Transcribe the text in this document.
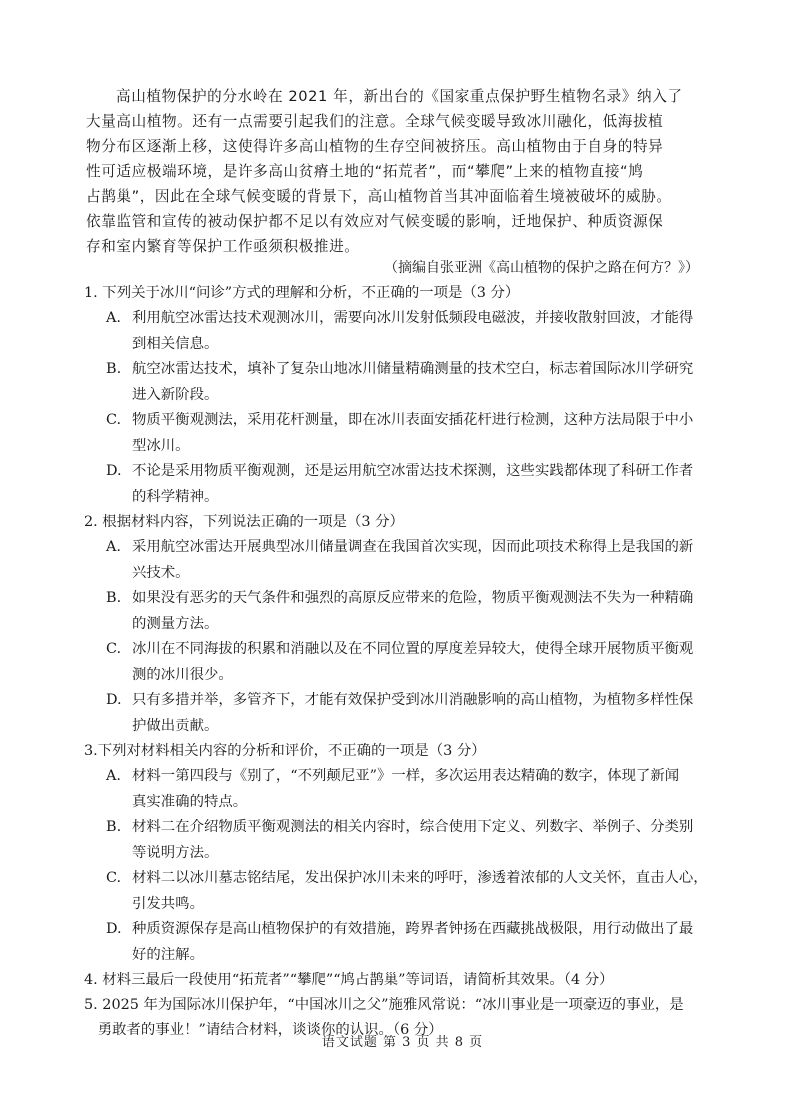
高山植物保护的分水岭在 2021 年，新出台的《国家重点保护野生植物名录》纳入了
大量高山植物。还有一点需要引起我们的注意。全球气候变暖导致冰川融化，低海拔植
物分布区逐渐上移，这使得许多高山植物的生存空间被挤压。高山植物由于自身的特异
性可适应极端环境，是许多高山贫瘠土地的“拓荒者”，而“攀爬”上来的植物直接“鸠
占鹊巢”，因此在全球气候变暖的背景下，高山植物首当其冲面临着生境被破坏的威胁。
依靠监管和宣传的被动保护都不足以有效应对气候变暖的影响，迁地保护、种质资源保
存和室内繁育等保护工作亟须积极推进。
（摘编自张亚洲《高山植物的保护之路在何方？》）
1. 下列关于冰川“问诊”方式的理解和分析，不正确的一项是（3 分）
A. 利用航空冰雷达技术观测冰川，需要向冰川发射低频段电磁波，并接收散射回波，才能得
到相关信息。
B. 航空冰雷达技术，填补了复杂山地冰川储量精确测量的技术空白，标志着国际冰川学研究
进入新阶段。
C. 物质平衡观测法，采用花杆测量，即在冰川表面安插花杆进行检测，这种方法局限于中小
型冰川。
D. 不论是采用物质平衡观测，还是运用航空冰雷达技术探测，这些实践都体现了科研工作者
的科学精神。
2. 根据材料内容，下列说法正确的一项是（3 分）
A. 采用航空冰雷达开展典型冰川储量调查在我国首次实现，因而此项技术称得上是我国的新
兴技术。
B. 如果没有恶劣的天气条件和强烈的高原反应带来的危险，物质平衡观测法不失为一种精确
的测量方法。
C. 冰川在不同海拔的积累和消融以及在不同位置的厚度差异较大，使得全球开展物质平衡观
测的冰川很少。
D. 只有多措并举，多管齐下，才能有效保护受到冰川消融影响的高山植物，为植物多样性保
护做出贡献。
3.下列对材料相关内容的分析和评价，不正确的一项是（3 分）
A. 材料一第四段与《别了，“不列颠尼亚”》一样，多次运用表达精确的数字，体现了新闻
真实准确的特点。
B. 材料二在介绍物质平衡观测法的相关内容时，综合使用下定义、列数字、举例子、分类别
等说明方法。
C. 材料二以冰川墓志铭结尾，发出保护冰川未来的呼吁，渗透着浓郁的人文关怀，直击人心，
引发共鸣。
D. 种质资源保存是高山植物保护的有效措施，跨界者钟扬在西藏挑战极限，用行动做出了最
好的注解。
4. 材料三最后一段使用“拓荒者”“攀爬”“鸠占鹊巢”等词语，请简析其效果。（4 分）
5. 2025 年为国际冰川保护年，“中国冰川之父”施雅风常说：“冰川事业是一项豪迈的事业，是
勇敢者的事业！”请结合材料，谈谈你的认识。（6 分）
语文试题 第 3 页 共 8 页
